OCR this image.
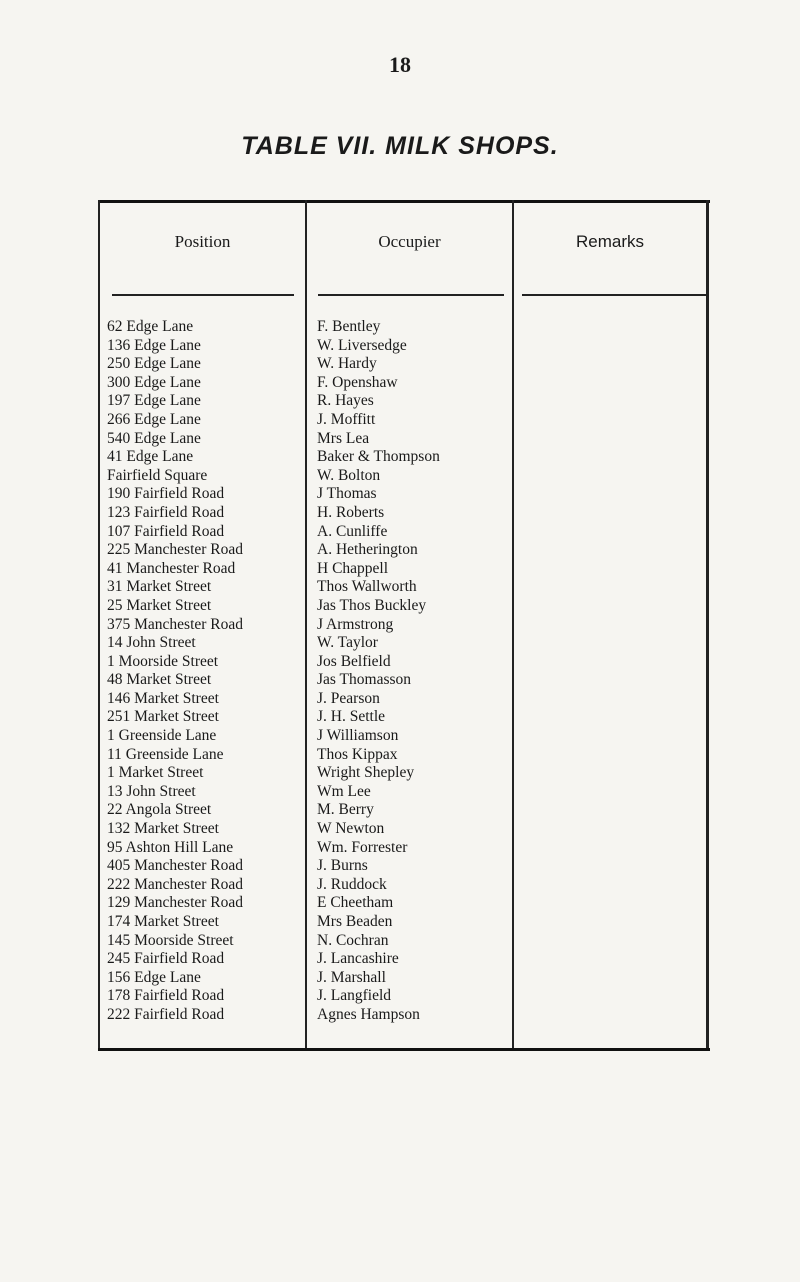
18
TABLE VII. MILK SHOPS.
Position	Occupier	Remarks
62 Edge Lane	F. Bentley
136 Edge Lane	W. Liversedge
250 Edge Lane	W. Hardy
300 Edge Lane	F. Openshaw
197 Edge Lane	R. Hayes
266 Edge Lane	J. Moffitt
540 Edge Lane	Mrs Lea
41 Edge Lane	Baker & Thompson
Fairfield Square	W. Bolton
190 Fairfield Road	J Thomas
123 Fairfield Road	H. Roberts
107 Fairfield Road	A. Cunliffe
225 Manchester Road	A. Hetherington
41 Manchester Road	H Chappell
31 Market Street	Thos Wallworth
25 Market Street	Jas Thos Buckley
375 Manchester Road	J Armstrong
14 John Street	W. Taylor
1 Moorside Street	Jos Belfield
48 Market Street	Jas Thomasson
146 Market Street	J. Pearson
251 Market Street	J. H. Settle
1 Greenside Lane	J Williamson
11 Greenside Lane	Thos Kippax
1 Market Street	Wright Shepley
13 John Street	Wm Lee
22 Angola Street	M. Berry
132 Market Street	W Newton
95 Ashton Hill Lane	Wm. Forrester
405 Manchester Road	J. Burns
222 Manchester Road	J. Ruddock
129 Manchester Road	E Cheetham
174 Market Street	Mrs Beaden
145 Moorside Street	N. Cochran
245 Fairfield Road	J. Lancashire
156 Edge Lane	J. Marshall
178 Fairfield Road	J. Langfield
222 Fairfield Road	Agnes Hampson
